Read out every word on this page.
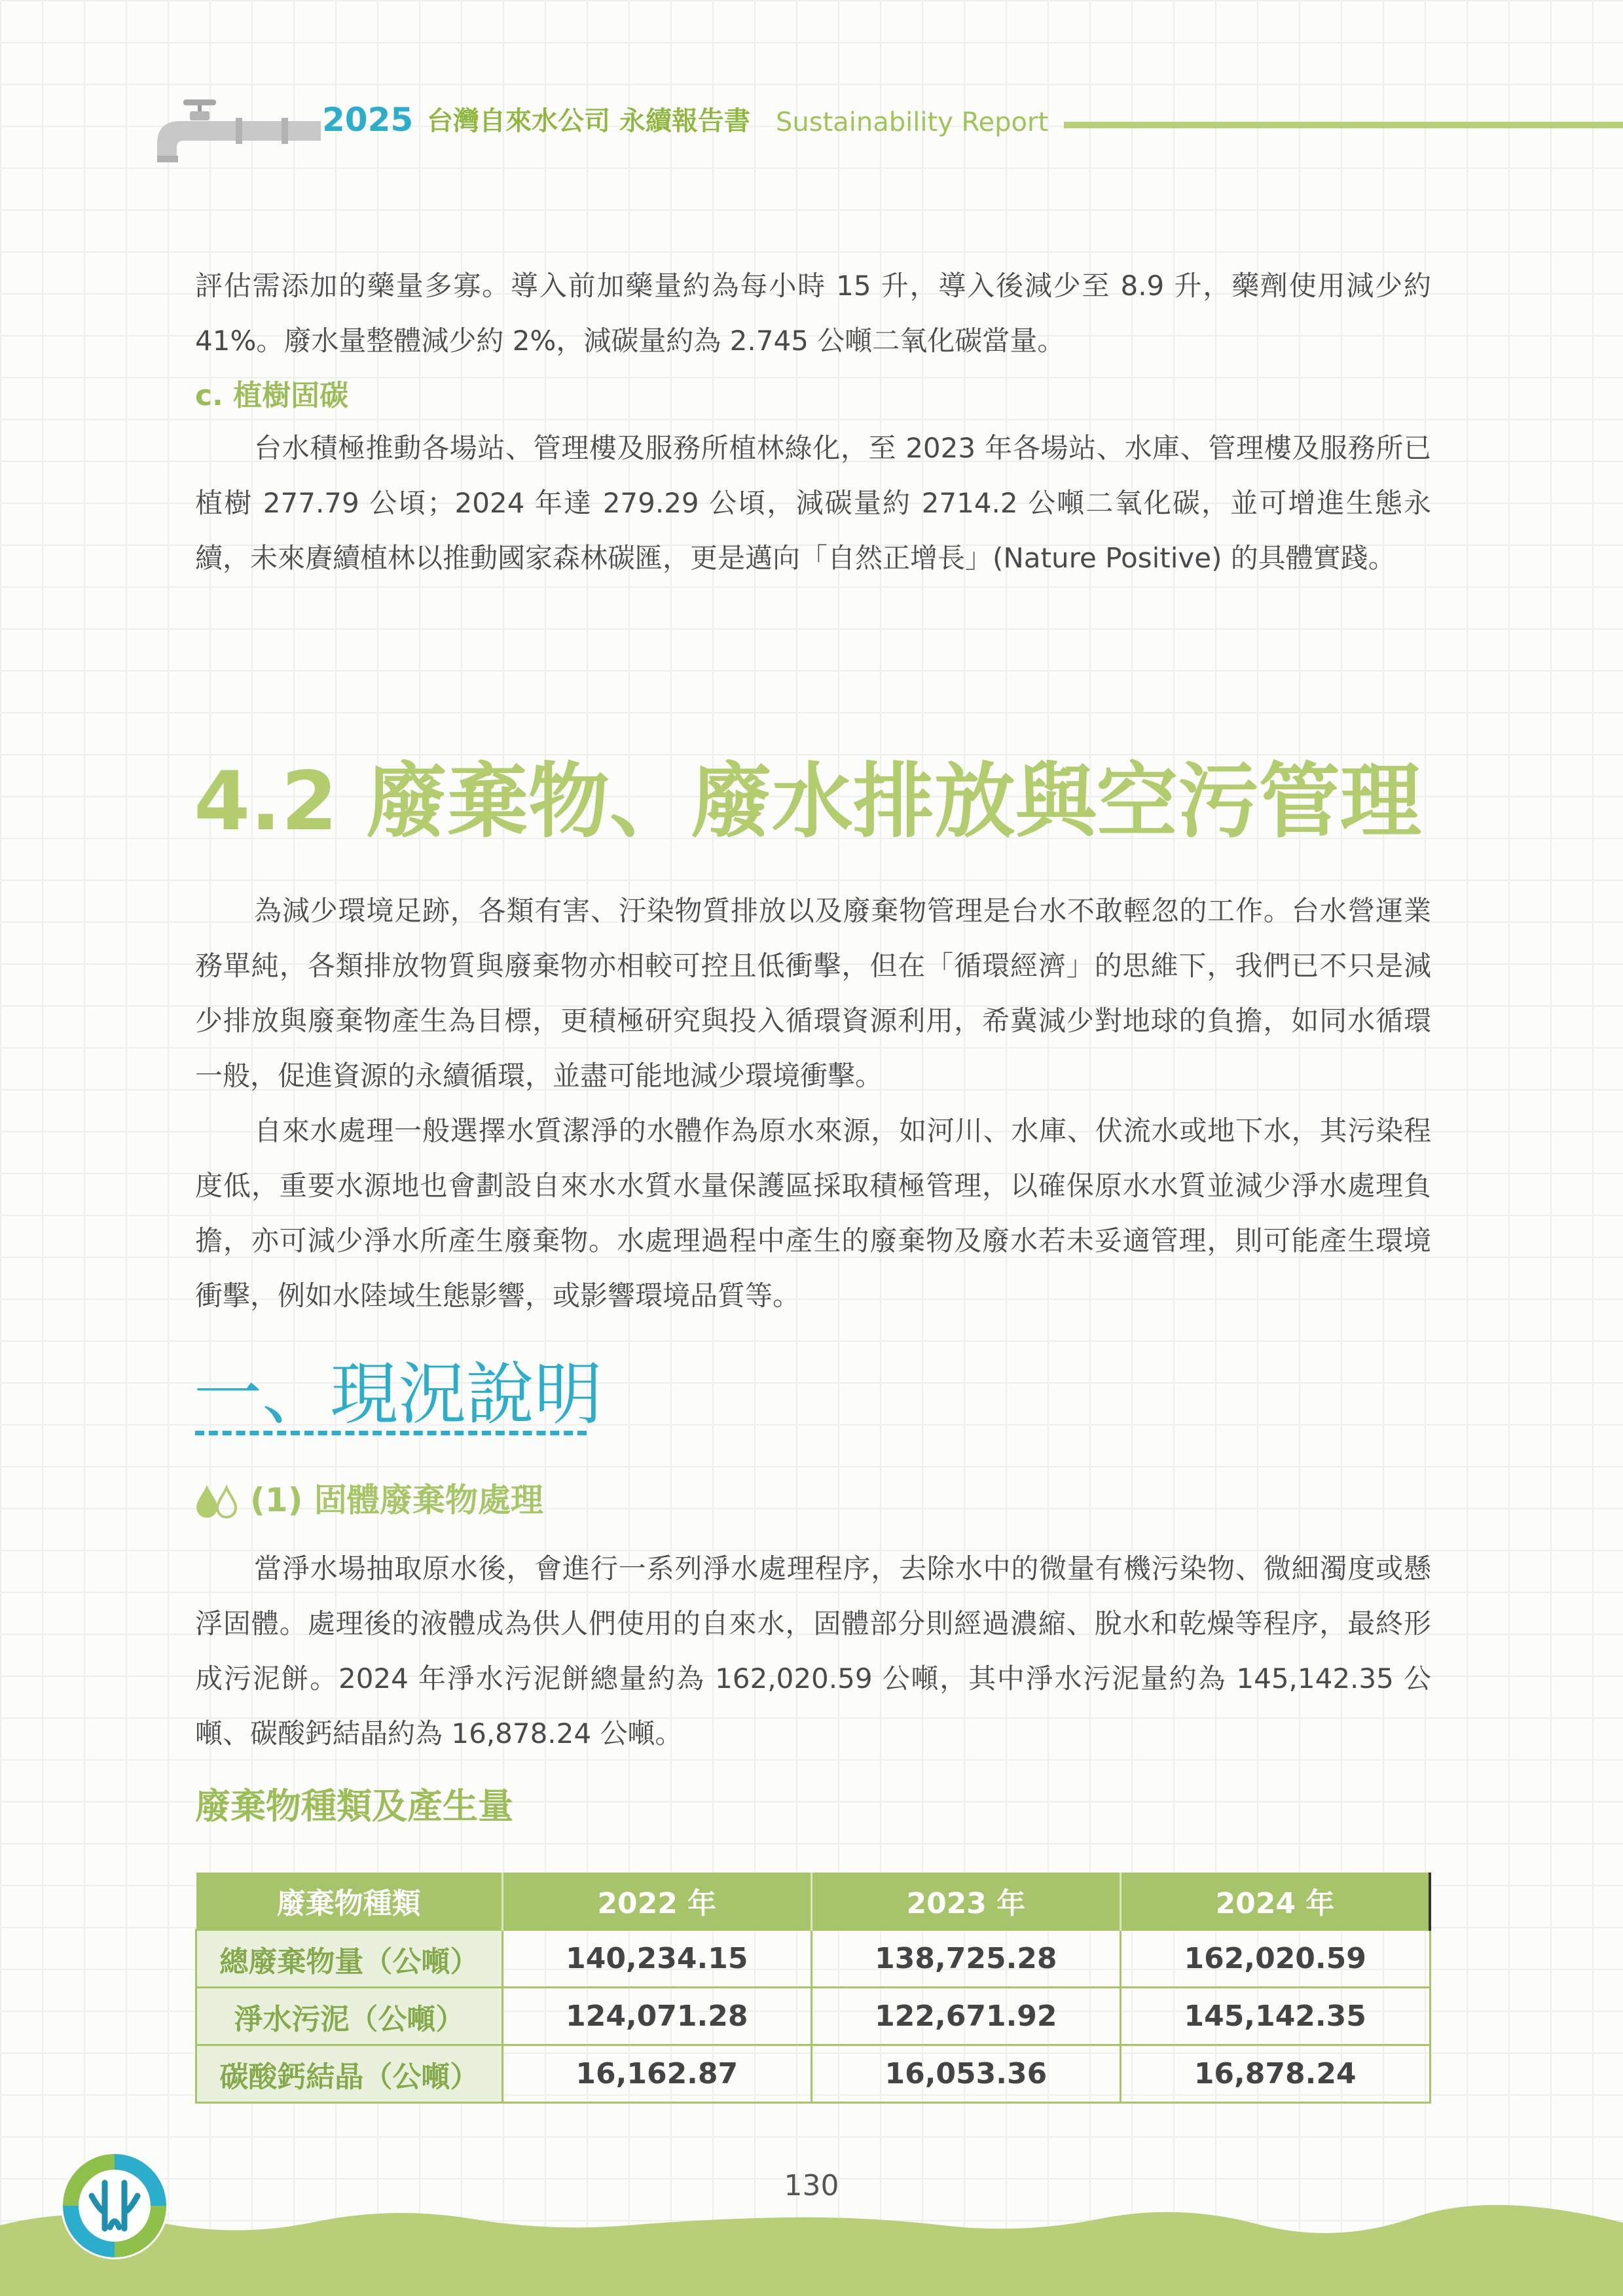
2025 台灣自來水公司 永續報告書 Sustainability Report

評估需添加的藥量多寡。導入前加藥量約為每小時 15 升，導入後減少至 8.9 升，藥劑使用減少約 41%。廢水量整體減少約 2%，減碳量約為 2.745 公噸二氧化碳當量。

c. 植樹固碳

台水積極推動各場站、管理樓及服務所植林綠化，至 2023 年各場站、水庫、管理樓及服務所已植樹 277.79 公頃；2024 年達 279.29 公頃，減碳量約 2714.2 公噸二氧化碳，並可增進生態永續，未來賡續植林以推動國家森林碳匯，更是邁向「自然正增長」(Nature Positive) 的具體實踐。

4.2 廢棄物、廢水排放與空污管理

為減少環境足跡，各類有害、汙染物質排放以及廢棄物管理是台水不敢輕忽的工作。台水營運業務單純，各類排放物質與廢棄物亦相較可控且低衝擊，但在「循環經濟」的思維下，我們已不只是減少排放與廢棄物產生為目標，更積極研究與投入循環資源利用，希冀減少對地球的負擔，如同水循環一般，促進資源的永續循環，並盡可能地減少環境衝擊。

自來水處理一般選擇水質潔淨的水體作為原水來源，如河川、水庫、伏流水或地下水，其污染程度低，重要水源地也會劃設自來水水質水量保護區採取積極管理，以確保原水水質並減少淨水處理負擔，亦可減少淨水所產生廢棄物。水處理過程中產生的廢棄物及廢水若未妥適管理，則可能產生環境衝擊，例如水陸域生態影響，或影響環境品質等。

一、現況說明
(1) 固體廢棄物處理

當淨水場抽取原水後，會進行一系列淨水處理程序，去除水中的微量有機污染物、微細濁度或懸浮固體。處理後的液體成為供人們使用的自來水，固體部分則經過濃縮、脫水和乾燥等程序，最終形成污泥餅。2024 年淨水污泥餅總量約為 162,020.59 公噸，其中淨水污泥量約為 145,142.35 公噸、碳酸鈣結晶約為 16,878.24 公噸。

廢棄物種類及產生量
廢棄物種類	2022 年	2023 年	2024 年
總廢棄物量（公噸）	140,234.15	138,725.28	162,020.59
淨水污泥（公噸）	124,071.28	122,671.92	145,142.35
碳酸鈣結晶（公噸）	16,162.87	16,053.36	16,878.24
130
